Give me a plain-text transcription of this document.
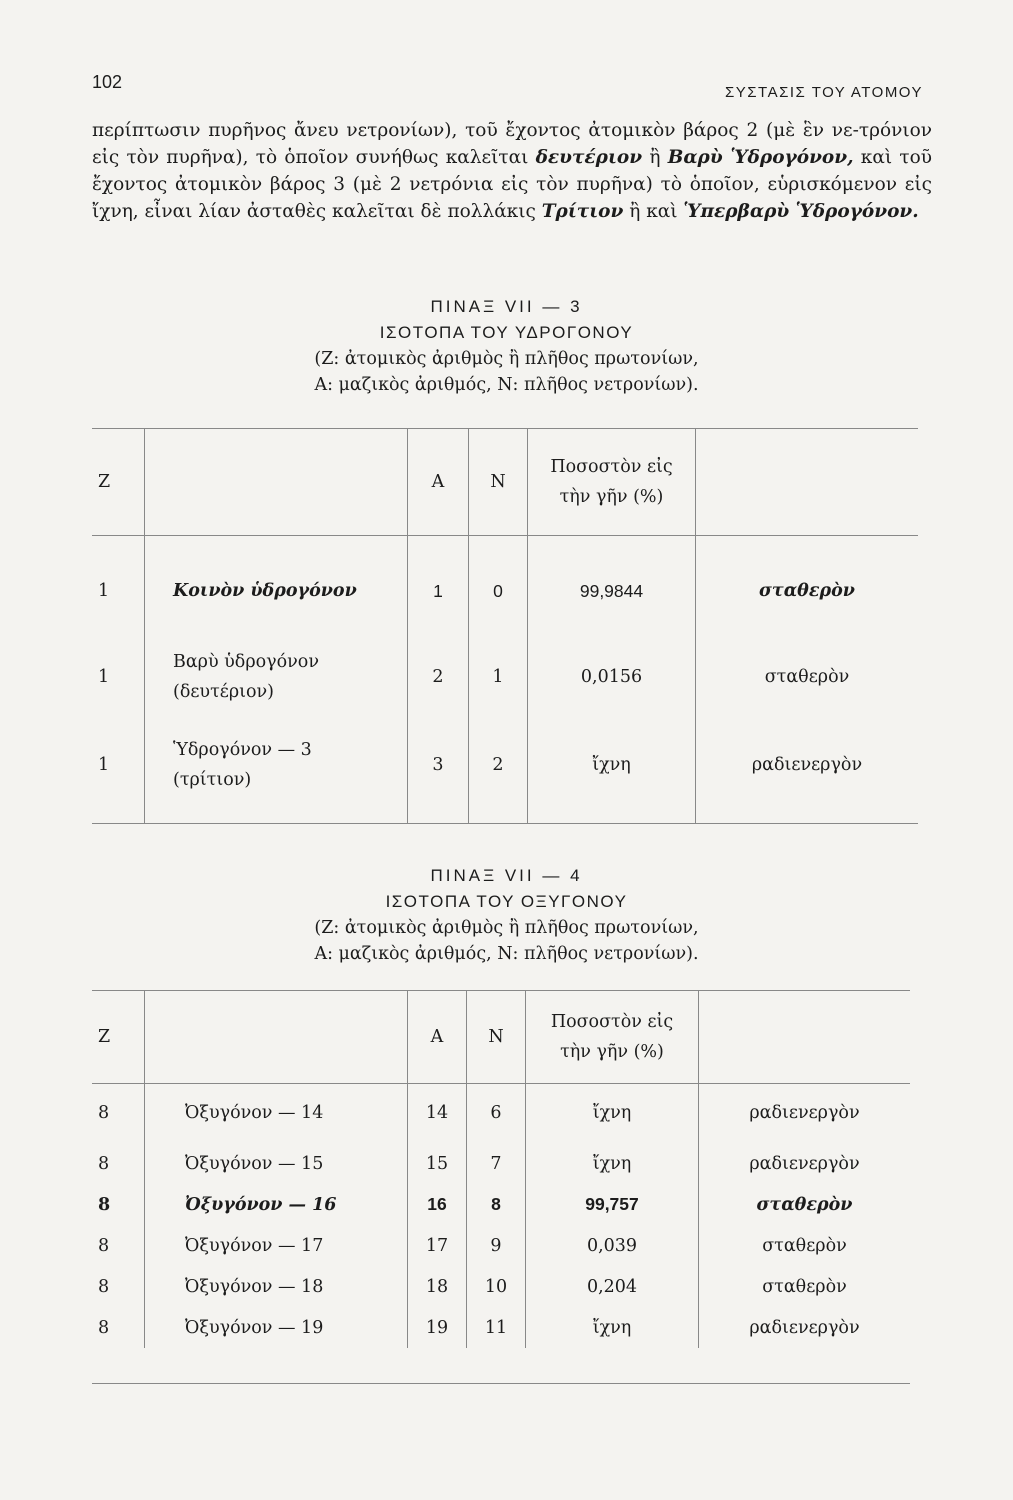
102
ΣΥΣΤΑΣΙΣ ΤΟΥ ΑΤΟΜΟΥ
περίπτωσιν πυρῆνος ἄνευ νετρονίων), τοῦ ἔχοντος ἀτομικὸν βάρος 2 (μὲ ἓν νε-τρόνιον εἰς τὸν πυρῆνα), τὸ ὁποῖον συνήθως καλεῖται δευτέριον ἢ Βαρὺ Ὑδρογόνον, καὶ τοῦ ἔχοντος ἀτομικὸν βάρος 3 (μὲ 2 νετρόνια εἰς τὸν πυρῆνα) τὸ ὁποῖον, εὑρισκόμενον εἰς ἴχνη, εἶναι λίαν ἀσταθὲς καλεῖται δὲ πολλάκις Τρίτιον ἢ καὶ Ὑπερβαρὺ Ὑδρογόνον.
ΠΙΝΑΞ VII — 3
ΙΣΟΤΟΠΑ ΤΟΥ ΥΔΡΟΓΟΝΟΥ
(Ζ: ἀτομικὸς ἀριθμὸς ἢ πλῆθος πρωτονίων,
Α: μαζικὸς ἀριθμός, Ν: πλῆθος νετρονίων).
Z		A	N	Ποσοστὸν εἰς
τὴν γῆν (%)	

1	Κοινὸν ὑδρογόνον	1	0	99,9844	σταθερὸν
1	Βαρὺ ὑδρογόνον
(δευτέριον)	2	1	0,0156	σταθερὸν
1	Ὑδρογόνον — 3
(τρίτιον)	3	2	ἴχνη	ραδιενεργὸν
ΠΙΝΑΞ VII — 4
ΙΣΟΤΟΠΑ ΤΟΥ ΟΞΥΓΟΝΟΥ
(Ζ: ἀτομικὸς ἀριθμὸς ἢ πλῆθος πρωτονίων,
Α: μαζικὸς ἀριθμός, Ν: πλῆθος νετρονίων).
Z		A	N	Ποσοστὸν εἰς
τὴν γῆν (%)	

8	Ὀξυγόνον — 14	14	6	ἴχνη	ραδιενεργὸν
8	Ὀξυγόνον — 15	15	7	ἴχνη	ραδιενεργὸν
8	Ὀξυγόνον — 16	16	8	99,757	σταθερὸν
8	Ὀξυγόνον — 17	17	9	0,039	σταθερὸν
8	Ὀξυγόνον — 18	18	10	0,204	σταθερὸν
8	Ὀξυγόνον — 19	19	11	ἴχνη	ραδιενεργὸν
